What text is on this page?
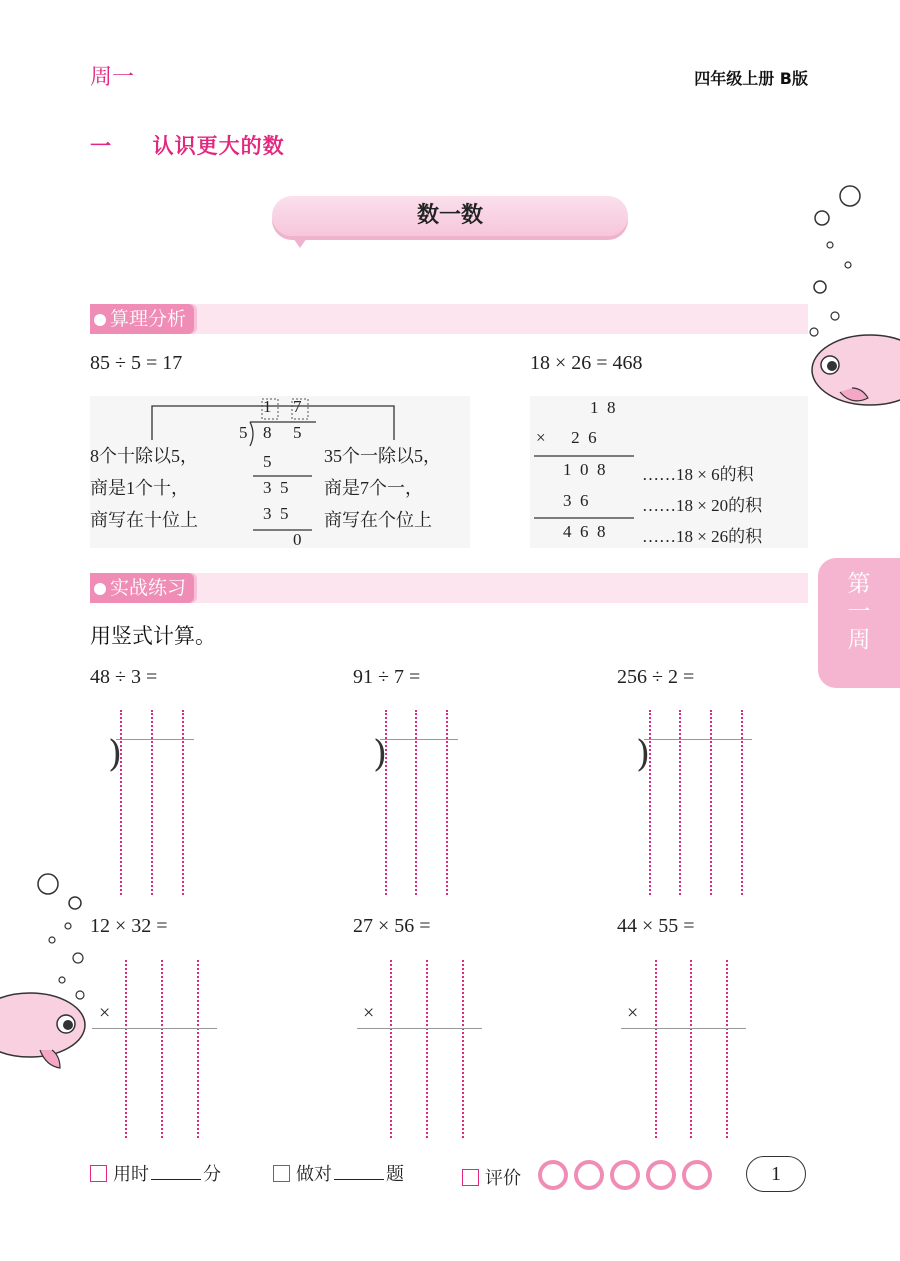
周一	四年级上册 B版
一 认识更大的数
数一数
算理分析
85 ÷ 5 = 17
1 7
5 8 5
5
3  5
3  5
0
8个十除以5，
商是1个十，
商写在十位上
35个一除以5，
商是7个一，
商写在个位上
18 × 26 = 468
1  8
×      2  6
1  0  8
3  6
4  6  8
……18 × 6的积
……18 × 20的积
……18 × 26的积
第
一
周
实战练习
用竖式计算。
48 ÷ 3 =	91 ÷ 7 =	256 ÷ 2 =
)	)	)
12 × 32 =	27 × 56 =	44 × 55 =
×	×	×
用时	分	做对	题	评价	1
